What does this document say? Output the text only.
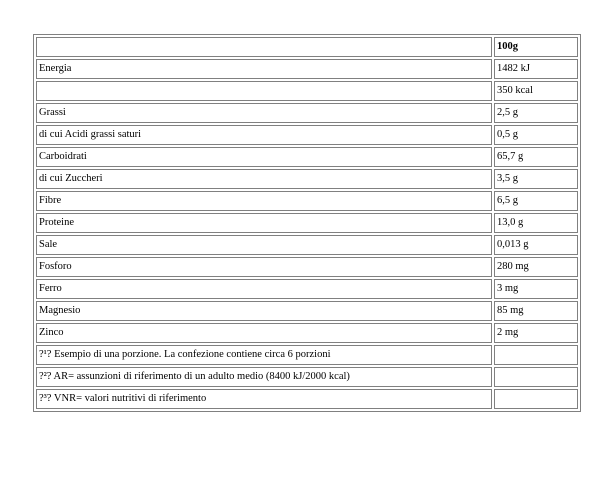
	100g
Energia	1482 kJ
	350 kcal
Grassi	2,5 g
di cui Acidi grassi saturi	0,5 g
Carboidrati	65,7 g
di cui Zuccheri	3,5 g
Fibre	6,5 g
Proteine	13,0 g
Sale	0,013 g
Fosforo	280 mg
Ferro	3 mg
Magnesio	85 mg
Zinco	2 mg
?¹? Esempio di una porzione. La confezione contiene circa 6 porzioni	
?²? AR= assunzioni di riferimento di un adulto medio (8400 kJ/2000 kcal)	
?³? VNR= valori nutritivi di riferimento	
